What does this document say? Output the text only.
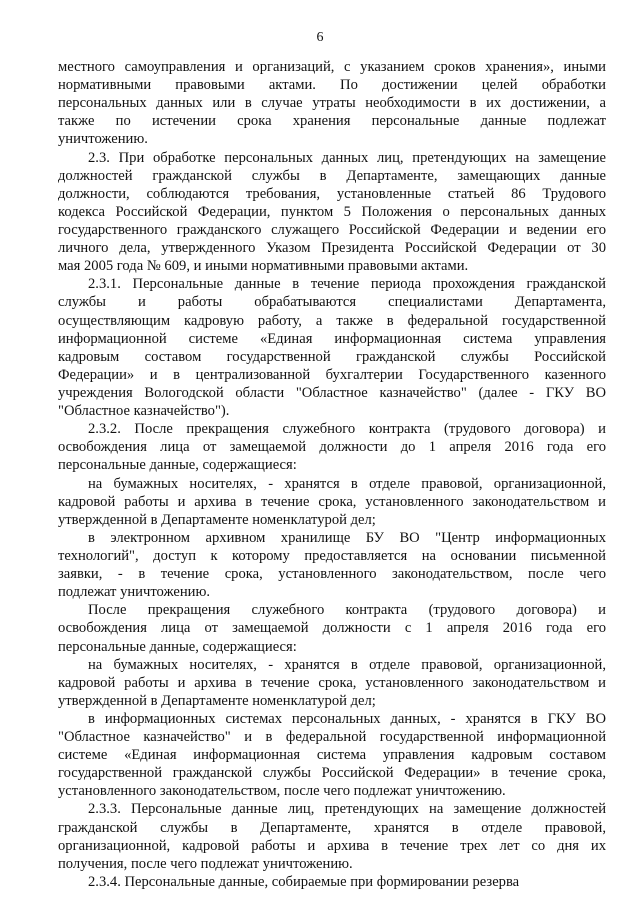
6
местного самоуправления и организаций, с указанием сроков хранения», иными
нормативными правовыми актами. По достижении целей обработки
персональных данных или в случае утраты необходимости в их достижении, а
также по истечении срока хранения персональные данные подлежат
уничтожению.
2.3. При обработке персональных данных лиц, претендующих на замещение
должностей гражданской службы в Департаменте, замещающих данные
должности, соблюдаются требования, установленные статьей 86 Трудового
кодекса Российской Федерации, пунктом 5 Положения о персональных данных
государственного гражданского служащего Российской Федерации и ведении его
личного дела, утвержденного Указом Президента Российской Федерации от 30
мая 2005 года № 609, и иными нормативными правовыми актами.
2.3.1. Персональные данные в течение периода прохождения гражданской
службы и работы обрабатываются специалистами Департамента,
осуществляющим кадровую работу, а также в федеральной государственной
информационной системе «Единая информационная система управления
кадровым составом государственной гражданской службы Российской
Федерации» и в централизованной бухгалтерии Государственного казенного
учреждения Вологодской области "Областное казначейство" (далее - ГКУ ВО
"Областное казначейство").
2.3.2. После прекращения служебного контракта (трудового договора) и
освобождения лица от замещаемой должности до 1 апреля 2016 года его
персональные данные, содержащиеся:
на бумажных носителях, - хранятся в отделе правовой, организационной,
кадровой работы и архива в течение срока, установленного законодательством и
утвержденной в Департаменте номенклатурой дел;
в электронном архивном хранилище БУ ВО "Центр информационных
технологий", доступ к которому предоставляется на основании письменной
заявки, - в течение срока, установленного законодательством, после чего
подлежат уничтожению.
После прекращения служебного контракта (трудового договора) и
освобождения лица от замещаемой должности с 1 апреля 2016 года его
персональные данные, содержащиеся:
на бумажных носителях, - хранятся в отделе правовой, организационной,
кадровой работы и архива в течение срока, установленного законодательством и
утвержденной в Департаменте номенклатурой дел;
в информационных системах персональных данных, - хранятся в ГКУ ВО
"Областное казначейство" и в федеральной государственной информационной
системе «Единая информационная система управления кадровым составом
государственной гражданской службы Российской Федерации» в течение срока,
установленного законодательством, после чего подлежат уничтожению.
2.3.3. Персональные данные лиц, претендующих на замещение должностей
гражданской службы в Департаменте, хранятся в отделе правовой,
организационной, кадровой работы и архива в течение трех лет со дня их
получения, после чего подлежат уничтожению.
2.3.4. Персональные данные, собираемые при формировании резерва
